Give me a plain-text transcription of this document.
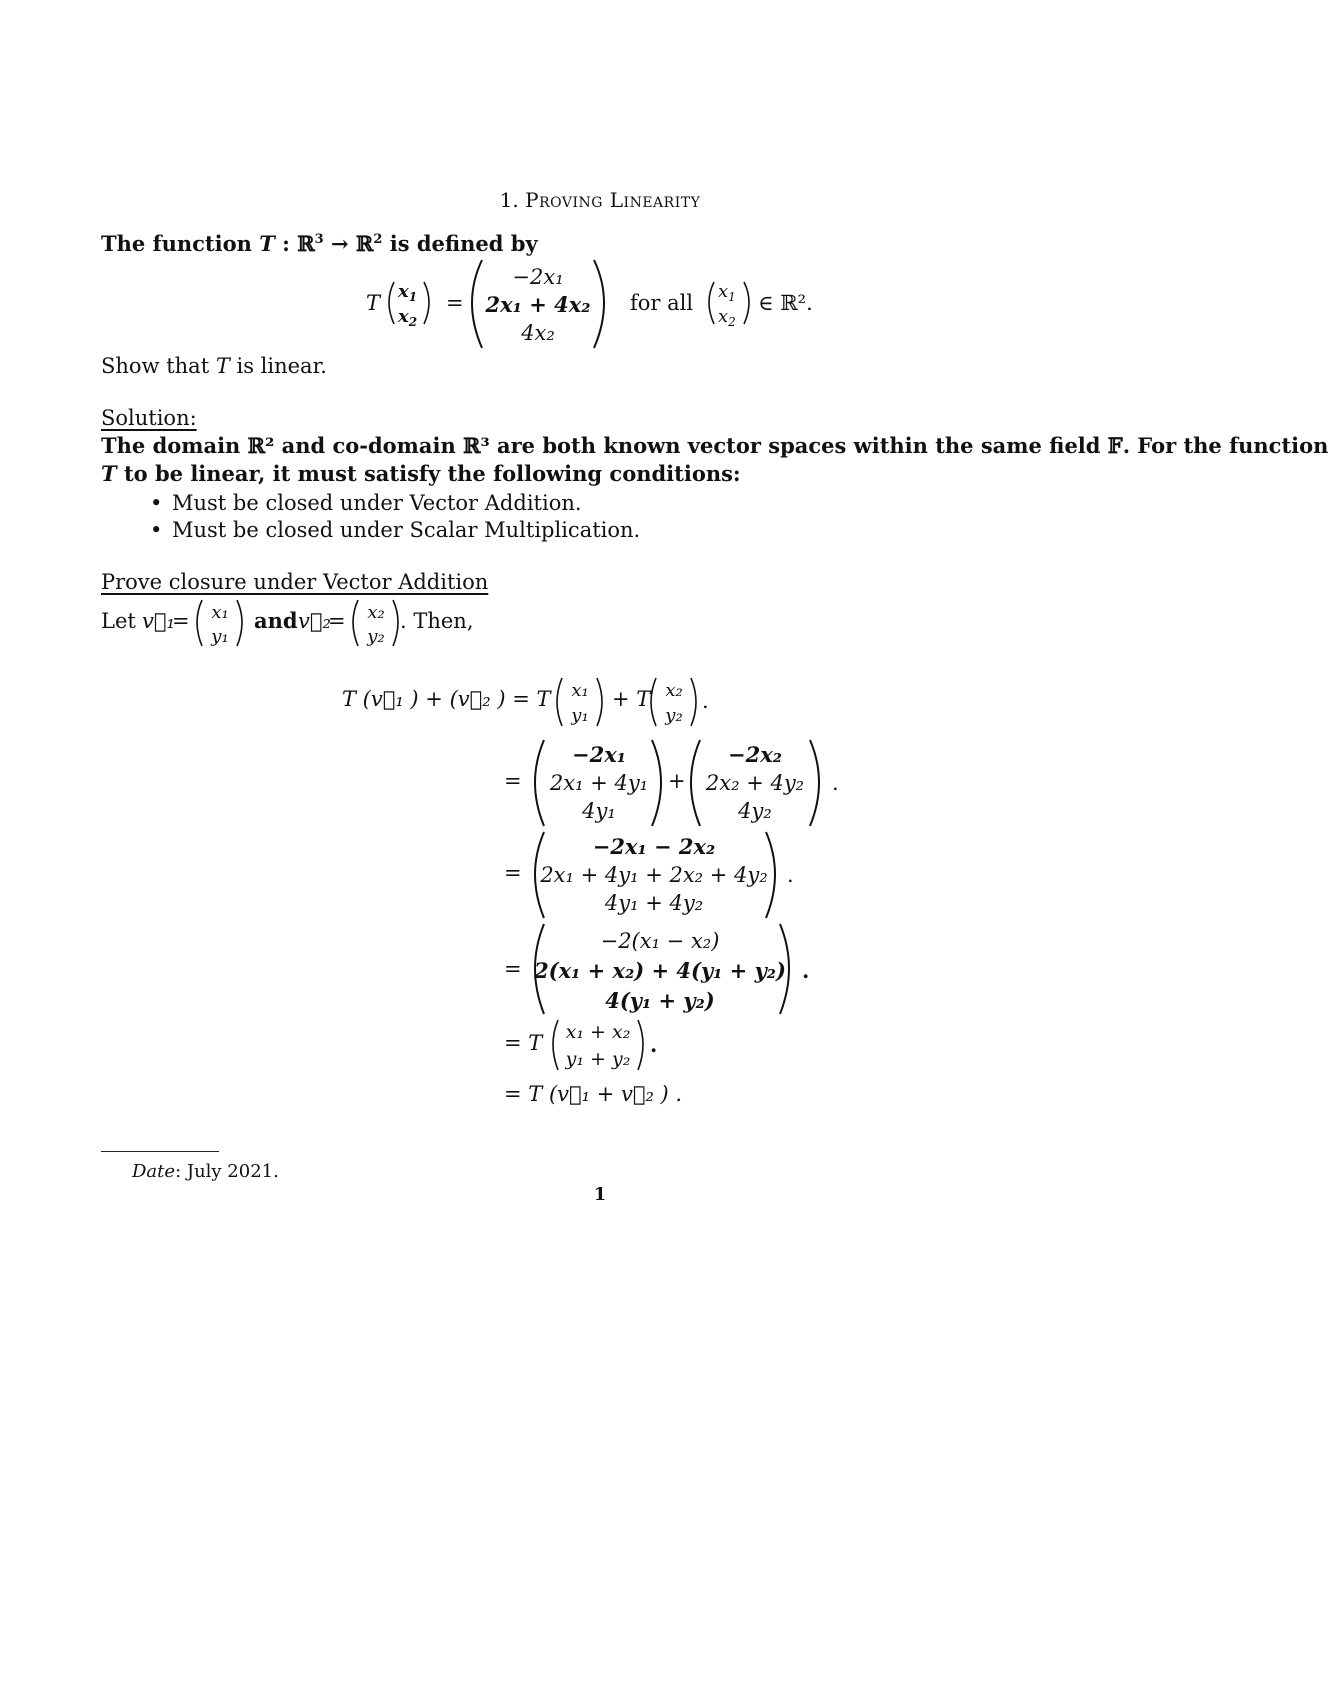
1. Proving Linearity
The function T : ℝ$^3$ → ℝ$^2$ is defined by
T $x_1$
$x_2$
=
−2x₁
2x₁ + 4x₂
4x₂
for all $x_1$
$x_2$
∈ ℝ².
Show that T is linear.
Solution:
The domain ℝ² and co-domain ℝ³ are both known vector spaces within the same field 𝔽. For the function
T to be linear, it must satisfy the following conditions:
• Must be closed under Vector Addition.
• Must be closed under Scalar Multiplication.
Prove closure under Vector Addition
Let v⃗₁
= x₁
y₁
and v⃗₂
= x₂
y₂
. Then,
T (v⃗₁ ) + (v⃗₂ ) = T x₁
y₁
+ T x₂
y₂
.
=
−2x₁
2x₁ + 4y₁
4y₁
+
−2x₂
2x₂ + 4y₂
4y₂
.
=
−2x₁ − 2x₂
2x₁ + 4y₁ + 2x₂ + 4y₂
4y₁ + 4y₂
.
=
−2(x₁ − x₂)
2(x₁ + x₂) + 4(y₁ + y₂)
4(y₁ + y₂)
.
= T x₁ + x₂
y₁ + y₂
.
= T (v⃗₁ + v⃗₂ ) .
Date: July 2021.
1
